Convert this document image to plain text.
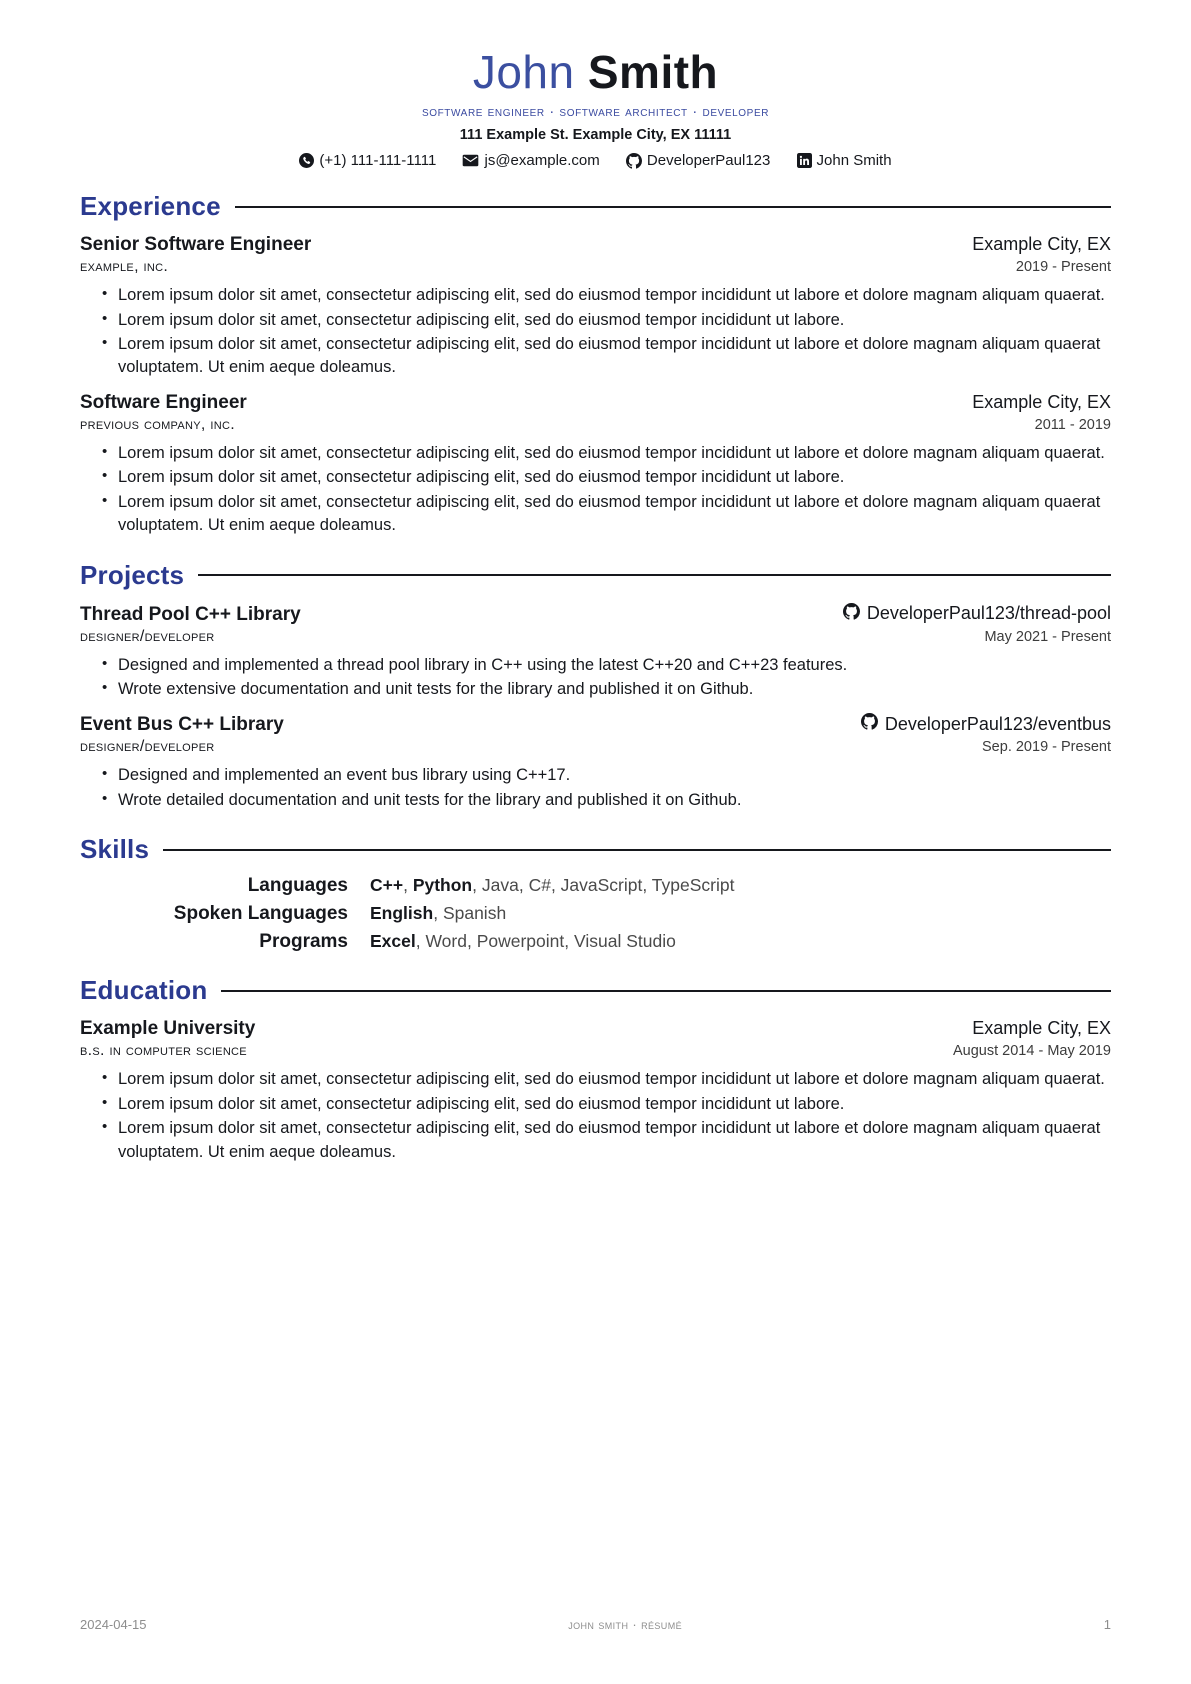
John Smith
software engineer · software architect · developer
111 Example St. Example City, EX 11111
(+1) 111-111-1111
	js@example.com
	DeveloperPaul123
	John Smith
Experience
Senior Software Engineer	Example City, EX
example, inc.	2019 - Present
• Lorem ipsum dolor sit amet, consectetur adipiscing elit, sed do eiusmod tempor incididunt ut labore et dolore magnam aliquam quaerat.
• Lorem ipsum dolor sit amet, consectetur adipiscing elit, sed do eiusmod tempor incididunt ut labore.
• Lorem ipsum dolor sit amet, consectetur adipiscing elit, sed do eiusmod tempor incididunt ut labore et dolore magnam aliquam quaerat voluptatem. Ut enim aeque doleamus.
Software Engineer	Example City, EX
previous company, inc.	2011 - 2019
• Lorem ipsum dolor sit amet, consectetur adipiscing elit, sed do eiusmod tempor incididunt ut labore et dolore magnam aliquam quaerat.
• Lorem ipsum dolor sit amet, consectetur adipiscing elit, sed do eiusmod tempor incididunt ut labore.
• Lorem ipsum dolor sit amet, consectetur adipiscing elit, sed do eiusmod tempor incididunt ut labore et dolore magnam aliquam quaerat voluptatem. Ut enim aeque doleamus.
Projects
Thread Pool C++ Library	DeveloperPaul123/thread-pool
designer/developer	May 2021 - Present
• Designed and implemented a thread pool library in C++ using the latest C++20 and C++23 features.
• Wrote extensive documentation and unit tests for the library and published it on Github.
Event Bus C++ Library	DeveloperPaul123/eventbus
designer/developer	Sep. 2019 - Present
• Designed and implemented an event bus library using C++17.
• Wrote detailed documentation and unit tests for the library and published it on Github.
Skills
Languages	C++, Python, Java, C#, JavaScript, TypeScript
Spoken Languages	English, Spanish
Programs	Excel, Word, Powerpoint, Visual Studio
Education
Example University	Example City, EX
b.s. in computer science	August 2014 - May 2019
• Lorem ipsum dolor sit amet, consectetur adipiscing elit, sed do eiusmod tempor incididunt ut labore et dolore magnam aliquam quaerat.
• Lorem ipsum dolor sit amet, consectetur adipiscing elit, sed do eiusmod tempor incididunt ut labore.
• Lorem ipsum dolor sit amet, consectetur adipiscing elit, sed do eiusmod tempor incididunt ut labore et dolore magnam aliquam quaerat voluptatem. Ut enim aeque doleamus.
2024-04-15	john smith · résumé	1
